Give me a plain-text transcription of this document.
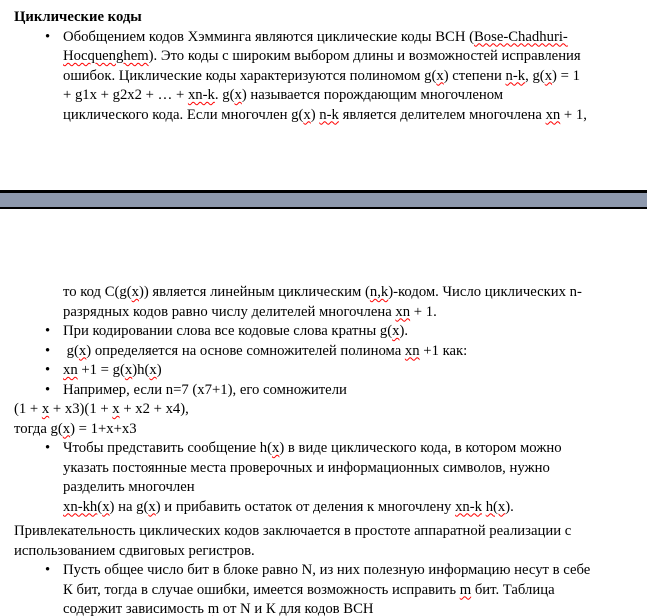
Циклические коды
• Обобщением кодов Хэмминга являются циклические коды BCH (Bose-Chadhuri-
Hocquenghem). Это коды с широким выбором длины и возможностей исправления
ошибок. Циклические коды характеризуются полиномом g(x) степени n-k, g(x) = 1
+ g1x + g2x2 + … + xn-k. g(x) называется порождающим многочленом
циклического кода. Если многочлен g(x) n-k является делителем многочлена xn + 1,
то код C(g(x)) является линейным циклическим (n,k)-кодом. Число циклических n-
разрядных кодов равно числу делителей многочлена xn + 1.
• При кодировании слова все кодовые слова кратны g(x).
• g(x) определяется на основе сомножителей полинома xn +1 как:
• xn +1 = g(x)h(x)
• Например, если n=7 (x7+1), его сомножители
(1 + x + x3)(1 + x + x2 + x4),
тогда g(x) = 1+x+x3
• Чтобы представить сообщение h(x) в виде циклического кода, в котором можно
указать постоянные места проверочных и информационных символов, нужно
разделить многочлен
xn-kh(x) на g(x) и прибавить остаток от деления к многочлену xn-k h(x).
Привлекательность циклических кодов заключается в простоте аппаратной реализации с
использованием сдвиговых регистров.
• Пусть общее число бит в блоке равно N, из них полезную информацию несут в себе
К бит, тогда в случае ошибки, имеется возможность исправить m бит. Таблица
содержит зависимость m от N и К для кодов BCH
